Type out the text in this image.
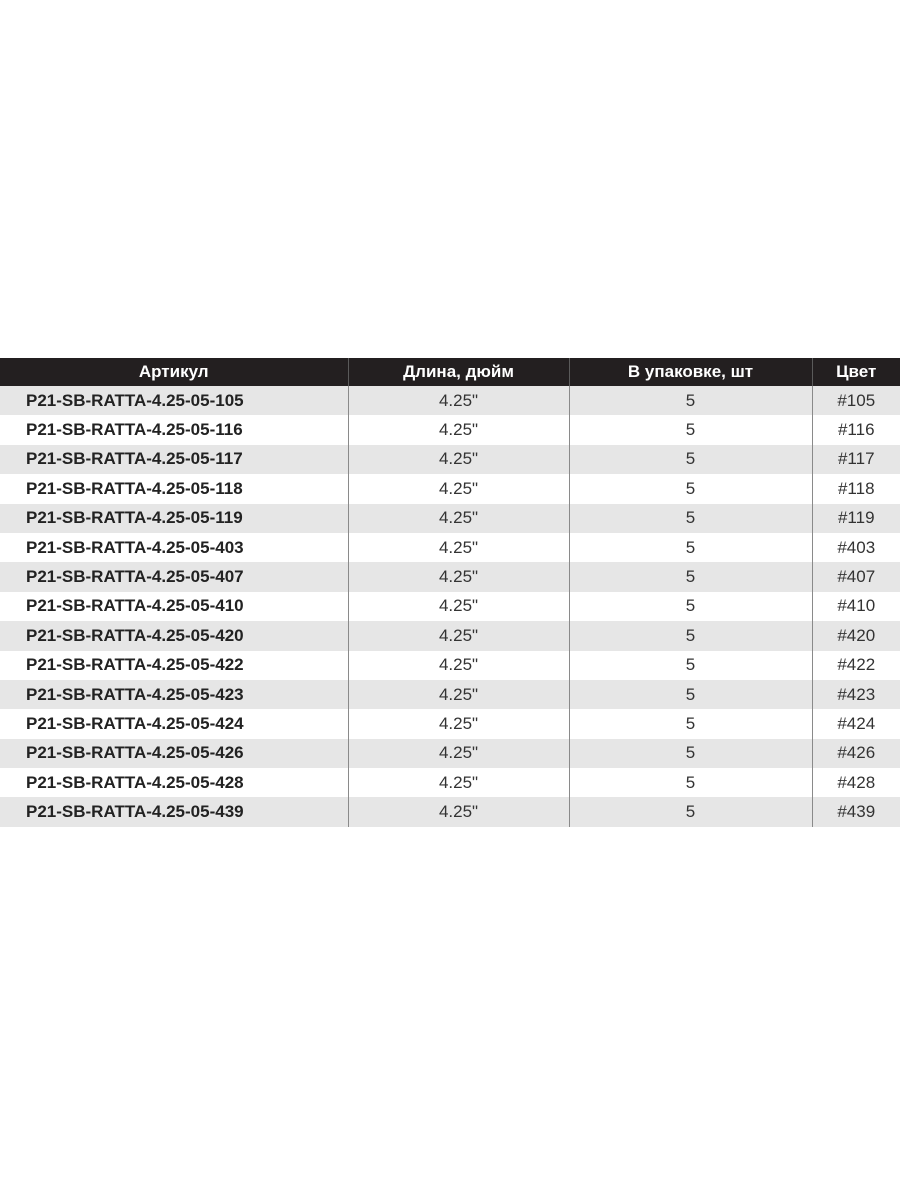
Артикул	Длина, дюйм	В упаковке, шт	Цвет
P21-SB-RATTA-4.25-05-105	4.25"	5	#105
P21-SB-RATTA-4.25-05-116	4.25"	5	#116
P21-SB-RATTA-4.25-05-117	4.25"	5	#117
P21-SB-RATTA-4.25-05-118	4.25"	5	#118
P21-SB-RATTA-4.25-05-119	4.25"	5	#119
P21-SB-RATTA-4.25-05-403	4.25"	5	#403
P21-SB-RATTA-4.25-05-407	4.25"	5	#407
P21-SB-RATTA-4.25-05-410	4.25"	5	#410
P21-SB-RATTA-4.25-05-420	4.25"	5	#420
P21-SB-RATTA-4.25-05-422	4.25"	5	#422
P21-SB-RATTA-4.25-05-423	4.25"	5	#423
P21-SB-RATTA-4.25-05-424	4.25"	5	#424
P21-SB-RATTA-4.25-05-426	4.25"	5	#426
P21-SB-RATTA-4.25-05-428	4.25"	5	#428
P21-SB-RATTA-4.25-05-439	4.25"	5	#439
